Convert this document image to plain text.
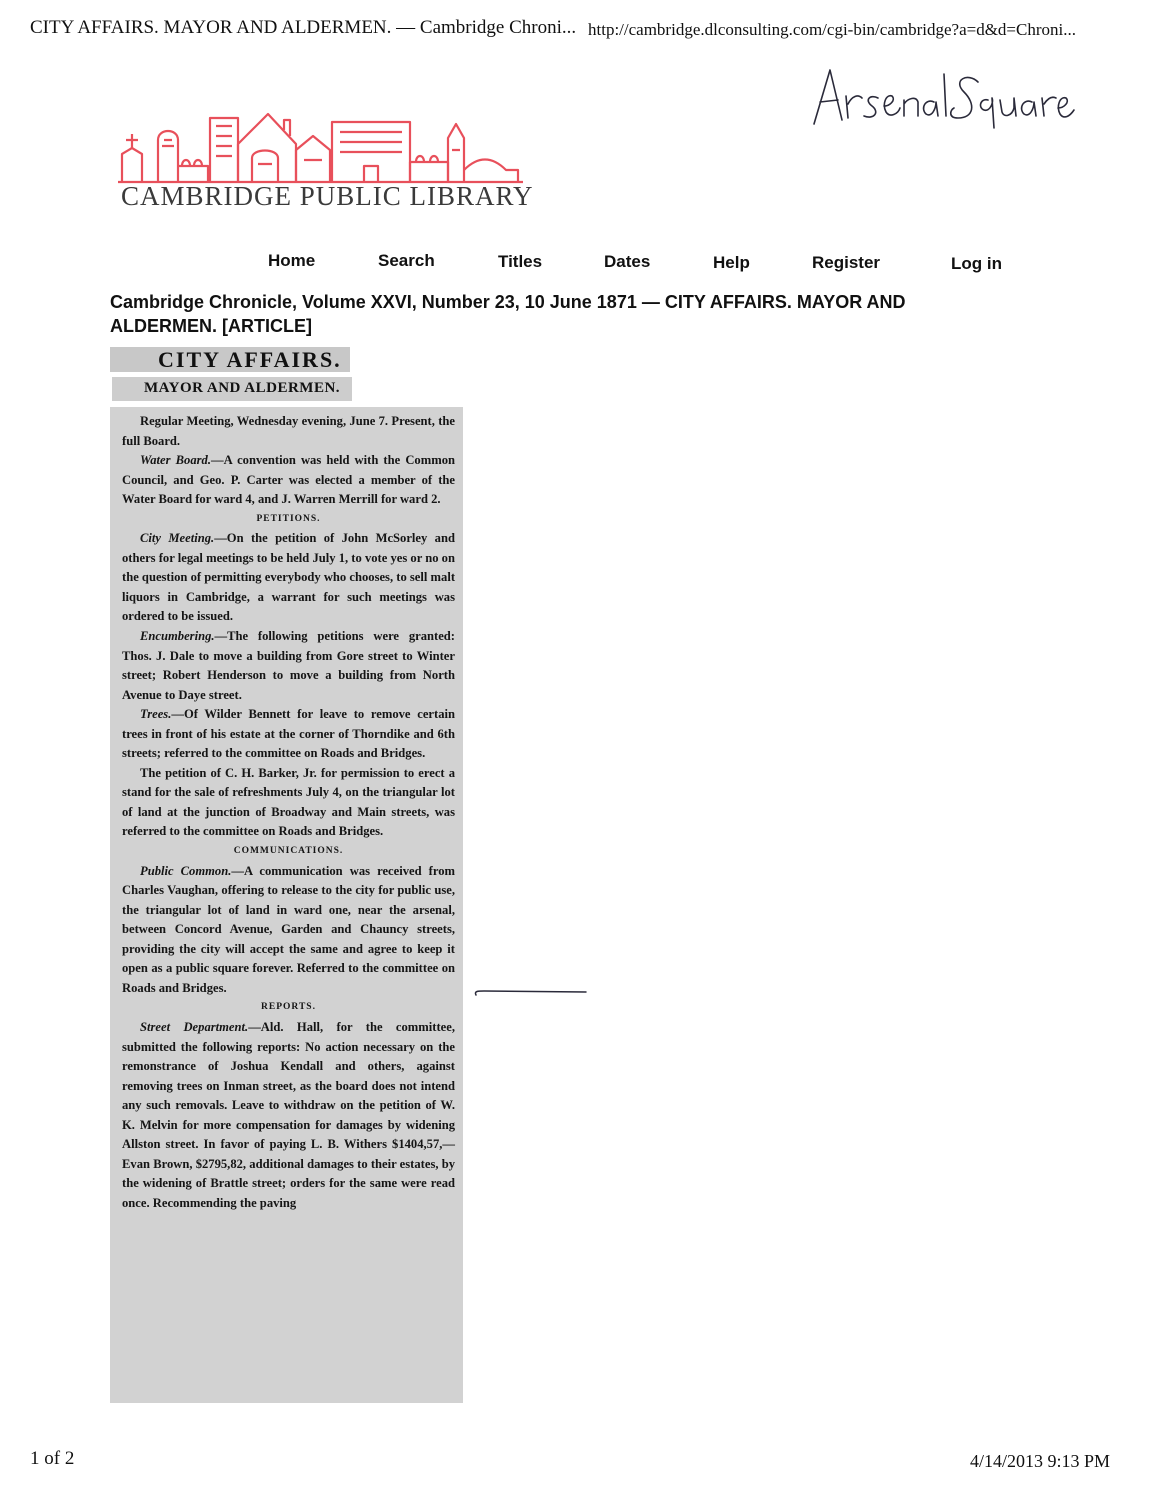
CITY AFFAIRS. MAYOR AND ALDERMEN. — Cambridge Chroni... http://cambridge.dlconsulting.com/cgi-bin/cambridge?a=d&d=Chroni...
CAMBRIDGE PUBLIC LIBRARY
Home	Search	Titles	Dates	Help	Register	Log in
Cambridge Chronicle, Volume XXVI, Number 23, 10 June 1871 — CITY AFFAIRS. MAYOR AND ALDERMEN. [ARTICLE]
CITY AFFAIRS.
MAYOR AND ALDERMEN.

Regular Meeting, Wednesday evening, June 7. Present, the full Board.

Water Board.—A convention was held with the Common Council, and Geo. P. Carter was elected a member of the Water Board for ward 4, and J. Warren Merrill for ward 2.

PETITIONS.

City Meeting.—On the petition of John McSorley and others for legal meetings to be held July 1, to vote yes or no on the question of permitting everybody who chooses, to sell malt liquors in Cambridge, a warrant for such meetings was ordered to be issued.

Encumbering.—The following petitions were granted: Thos. J. Dale to move a building from Gore street to Winter street; Robert Henderson to move a building from North Avenue to Daye street.

Trees.—Of Wilder Bennett for leave to remove certain trees in front of his estate at the corner of Thorndike and 6th streets; referred to the committee on Roads and Bridges.

The petition of C. H. Barker, Jr. for permission to erect a stand for the sale of refreshments July 4, on the triangular lot of land at the junction of Broadway and Main streets, was referred to the committee on Roads and Bridges.

COMMUNICATIONS.

Public Common.—A communication was received from Charles Vaughan, offering to release to the city for public use, the triangular lot of land in ward one, near the arsenal, between Concord Avenue, Garden and Chauncy streets, providing the city will accept the same and agree to keep it open as a public square forever. Referred to the committee on Roads and Bridges.

REPORTS.

Street Department.—Ald. Hall, for the committee, submitted the following reports: No action necessary on the remonstrance of Joshua Kendall and others, against removing trees on Inman street, as the board does not intend any such removals. Leave to withdraw on the petition of W. K. Melvin for more compensation for damages by widening Allston street. In favor of paying L. B. Withers $1404,57,—Evan Brown, $2795,82, additional damages to their estates, by the widening of Brattle street; orders for the same were read once. Recommending the paving

1 of 2	4/14/2013 9:13 PM
